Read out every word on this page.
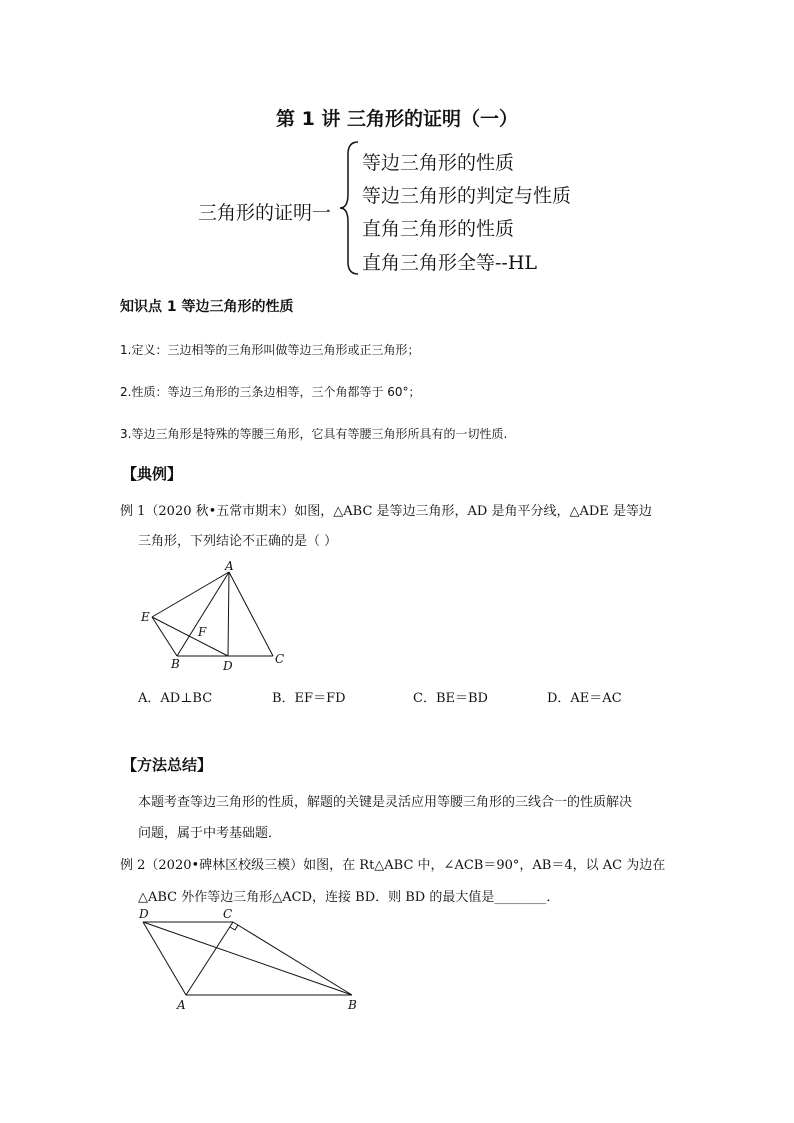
第 1 讲 三角形的证明（一）
三角形的证明一
等边三角形的性质
等边三角形的判定与性质
直角三角形的性质
直角三角形全等--HL
知识点 1 等边三角形的性质
1.定义：三边相等的三角形叫做等边三角形或正三角形；
2.性质：等边三角形的三条边相等，三个角都等于 60°；
3.等边三角形是特殊的等腰三角形，它具有等腰三角形所具有的一切性质.
【典例】
例 1（2020 秋•五常市期末）如图，△ABC 是等边三角形，AD 是角平分线，△ADE 是等边
三角形，下列结论不正确的是（ ）
A
E
F
B	D	C
A．AD⊥BC	B．EF＝FD	C．BE＝BD	D．AE＝AC
【方法总结】
本题考查等边三角形的性质，解题的关键是灵活应用等腰三角形的三线合一的性质解决
问题，属于中考基础题．
例 2（2020•碑林区校级三模）如图，在 Rt△ABC 中，∠ACB＝90°，AB＝4，以 AC 为边在
△ABC 外作等边三角形△ACD，连接 BD．则 BD 的最大值是________．
D	C
A	B
